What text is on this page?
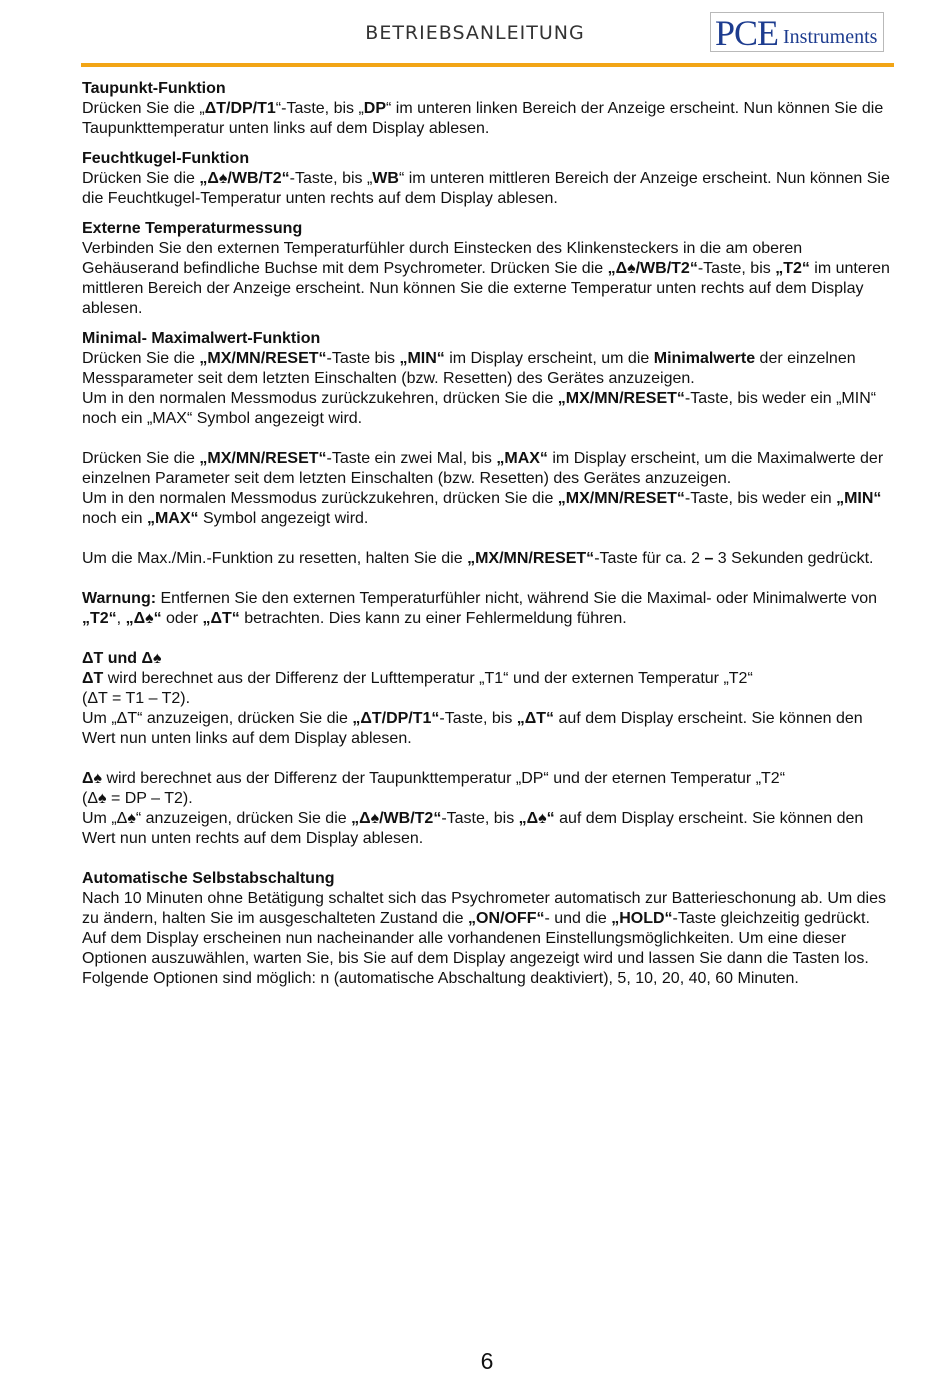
BETRIEBSANLEITUNG	PCE Instruments
Taupunkt-Funktion

Drücken Sie die „ΔT/DP/T1“-Taste, bis „DP“ im unteren linken Bereich der Anzeige erscheint. Nun können Sie die Taupunkttemperatur unten links auf dem Display ablesen.

Feuchtkugel-Funktion

Drücken Sie die „Δ♠/WB/T2“-Taste, bis „WB“ im unteren mittleren Bereich der Anzeige erscheint. Nun können Sie die Feuchtkugel-Temperatur unten rechts auf dem Display ablesen.

Externe Temperaturmessung

Verbinden Sie den externen Temperaturfühler durch Einstecken des Klinkensteckers in die am oberen Gehäuserand befindliche Buchse mit dem Psychrometer. Drücken Sie die „Δ♠/WB/T2“-Taste, bis „T2“ im unteren mittleren Bereich der Anzeige erscheint. Nun können Sie die externe Temperatur unten rechts auf dem Display ablesen.

Minimal- Maximalwert-Funktion

Drücken Sie die „MX/MN/RESET“-Taste bis „MIN“ im Display erscheint, um die Minimalwerte der einzelnen Messparameter seit dem letzten Einschalten (bzw. Resetten) des Gerätes anzuzeigen.

Um in den normalen Messmodus zurückzukehren, drücken Sie die „MX/MN/RESET“-Taste, bis weder ein „MIN“ noch ein „MAX“ Symbol angezeigt wird.

Drücken Sie die „MX/MN/RESET“-Taste ein zwei Mal, bis „MAX“ im Display erscheint, um die Maximalwerte der einzelnen Parameter seit dem letzten Einschalten (bzw. Resetten) des Gerätes anzuzeigen.

Um in den normalen Messmodus zurückzukehren, drücken Sie die „MX/MN/RESET“-Taste, bis weder ein „MIN“ noch ein „MAX“ Symbol angezeigt wird.

Um die Max./Min.-Funktion zu resetten, halten Sie die „MX/MN/RESET“-Taste für ca. 2 – 3 Sekunden gedrückt.

Warnung: Entfernen Sie den externen Temperaturfühler nicht, während Sie die Maximal- oder Minimalwerte von „T2“, „Δ♠“ oder „ΔT“ betrachten. Dies kann zu einer Fehlermeldung führen.

ΔT und Δ♠

ΔT wird berechnet aus der Differenz der Lufttemperatur „T1“ und der externen Temperatur „T2“

(ΔT = T1 – T2).

Um „ΔT“ anzuzeigen, drücken Sie die „ΔT/DP/T1“-Taste, bis „ΔT“ auf dem Display erscheint. Sie können den Wert nun unten links auf dem Display ablesen.

Δ♠ wird berechnet aus der Differenz der Taupunkttemperatur „DP“ und der eternen Temperatur „T2“

(Δ♠ = DP – T2).

Um „Δ♠“ anzuzeigen, drücken Sie die „Δ♠/WB/T2“-Taste, bis „Δ♠“ auf dem Display erscheint. Sie können den Wert nun unten rechts auf dem Display ablesen.

Automatische Selbstabschaltung

Nach 10 Minuten ohne Betätigung schaltet sich das Psychrometer automatisch zur Batterieschonung ab. Um dies zu ändern, halten Sie im ausgeschalteten Zustand die „ON/OFF“- und die „HOLD“-Taste gleichzeitig gedrückt. Auf dem Display erscheinen nun nacheinander alle vorhandenen Einstellungsmöglichkeiten. Um eine dieser Optionen auszuwählen, warten Sie, bis Sie auf dem Display angezeigt wird und lassen Sie dann die Tasten los.

Folgende Optionen sind möglich: n (automatische Abschaltung deaktiviert), 5, 10, 20, 40, 60 Minuten.

6
